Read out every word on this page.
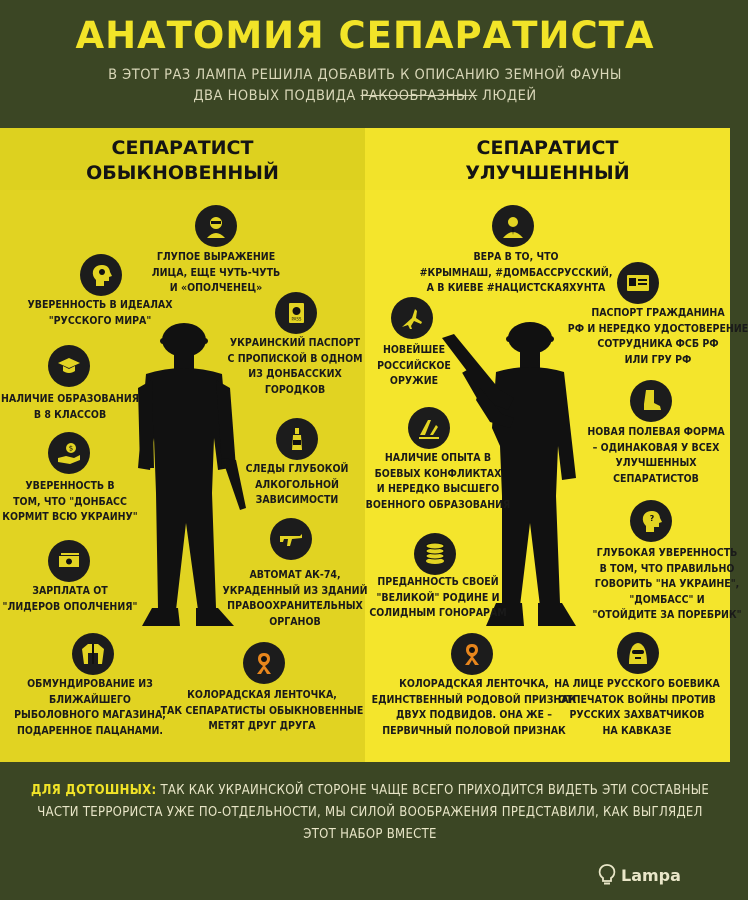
АНАТОМИЯ СЕПАРАТИСТА
В ЭТОТ РАЗ ЛАМПА РЕШИЛА ДОБАВИТЬ К ОПИСАНИЮ ЗЕМНОЙ ФАУНЫ
ДВА НОВЫХ ПОДВИДА РАКООБРАЗНЫХ ЛЮДЕЙ
СЕПАРАТИСТ
ОБЫКНОВЕННЫЙ
СЕПАРАТИСТ
УЛУЧШЕННЫЙ
ГЛУПОЕ ВЫРАЖЕНИЕ
ЛИЦА, ЕЩЕ ЧУТЬ-ЧУТЬ
И «ОПОЛЧЕНЕЦ»
УВЕРЕННОСТЬ В ИДЕАЛАХ
"РУССКОГО МИРА"	PASS
УКРАИНСКИЙ ПАСПОРТ
С ПРОПИСКОЙ В ОДНОМ
ИЗ ДОНБАССКИХ
ГОРОДКОВ
НАЛИЧИЕ ОБРАЗОВАНИЯ
В 8 КЛАССОВ
СЛЕДЫ ГЛУБОКОЙ
АЛКОГОЛЬНОЙ
ЗАВИСИМОСТИ
$
УВЕРЕННОСТЬ В
ТОМ, ЧТО "ДОНБАСС
КОРМИТ ВСЮ УКРАИНУ"
АВТОМАТ АК-74,
УКРАДЕННЫЙ ИЗ ЗДАНИЙ
ПРАВООХРАНИТЕЛЬНЫХ
ОРГАНОВ
ЗАРПЛАТА ОТ
"ЛИДЕРОВ ОПОЛЧЕНИЯ"
ОБМУНДИРОВАНИЕ ИЗ
БЛИЖАЙШЕГО
РЫБОЛОВНОГО МАГАЗИНА,
ПОДАРЕННОЕ ПАЦАНАМИ.
КОЛОРАДСКАЯ ЛЕНТОЧКА,
ТАК СЕПАРАТИСТЫ ОБЫКНОВЕННЫЕ
МЕТЯТ ДРУГ ДРУГА
ВЕРА В ТО, ЧТО
#КРЫМНАШ, #ДОМБАССРУССКИЙ,
А В КИЕВЕ #НАЦИСТСКАЯХУНТА
ПАСПОРТ ГРАЖДАНИНА
РФ И НЕРЕДКО УДОСТОВЕРЕНИЕ
СОТРУДНИКА ФСБ РФ
ИЛИ ГРУ РФ
НОВЕЙШЕЕ
РОССИЙСКОЕ
ОРУЖИЕ
НОВАЯ ПОЛЕВАЯ ФОРМА
– ОДИНАКОВАЯ У ВСЕХ
УЛУЧШЕННЫХ
СЕПАРАТИСТОВ
НАЛИЧИЕ ОПЫТА В
БОЕВЫХ КОНФЛИКТАХ
И НЕРЕДКО ВЫСШЕГО
ВОЕННОГО ОБРАЗОВАНИЯ
?
ГЛУБОКАЯ УВЕРЕННОСТЬ
В ТОМ, ЧТО ПРАВИЛЬНО
ГОВОРИТЬ "НА УКРАИНЕ",
"ДОМБАСС" И
"ОТОЙДИТЕ ЗА ПОРЕБРИК"
ПРЕДАННОСТЬ СВОЕЙ
"ВЕЛИКОЙ" РОДИНЕ И
СОЛИДНЫМ ГОНОРАРАМ
КОЛОРАДСКАЯ ЛЕНТОЧКА,
ЕДИНСТВЕННЫЙ РОДОВОЙ ПРИЗНАК
ДВУХ ПОДВИДОВ. ОНА ЖЕ –
ПЕРВИЧНЫЙ ПОЛОВОЙ ПРИЗНАК
НА ЛИЦЕ РУССКОГО БОЕВИКА
ОТПЕЧАТОК ВОЙНЫ ПРОТИВ
РУССКИХ ЗАХВАТЧИКОВ
НА КАВКАЗЕ
ДЛЯ ДОТОШНЫХ: ТАК КАК УКРАИНСКОЙ СТОРОНЕ ЧАЩЕ ВСЕГО ПРИХОДИТСЯ ВИДЕТЬ ЭТИ СОСТАВНЫЕ ЧАСТИ ТЕРРОРИСТА УЖЕ ПО-ОТДЕЛЬНОСТИ, МЫ СИЛОЙ ВООБРАЖЕНИЯ ПРЕДСТАВИЛИ, КАК ВЫГЛЯДЕЛ ЭТОТ НАБОР ВМЕСТЕ
Lampa
